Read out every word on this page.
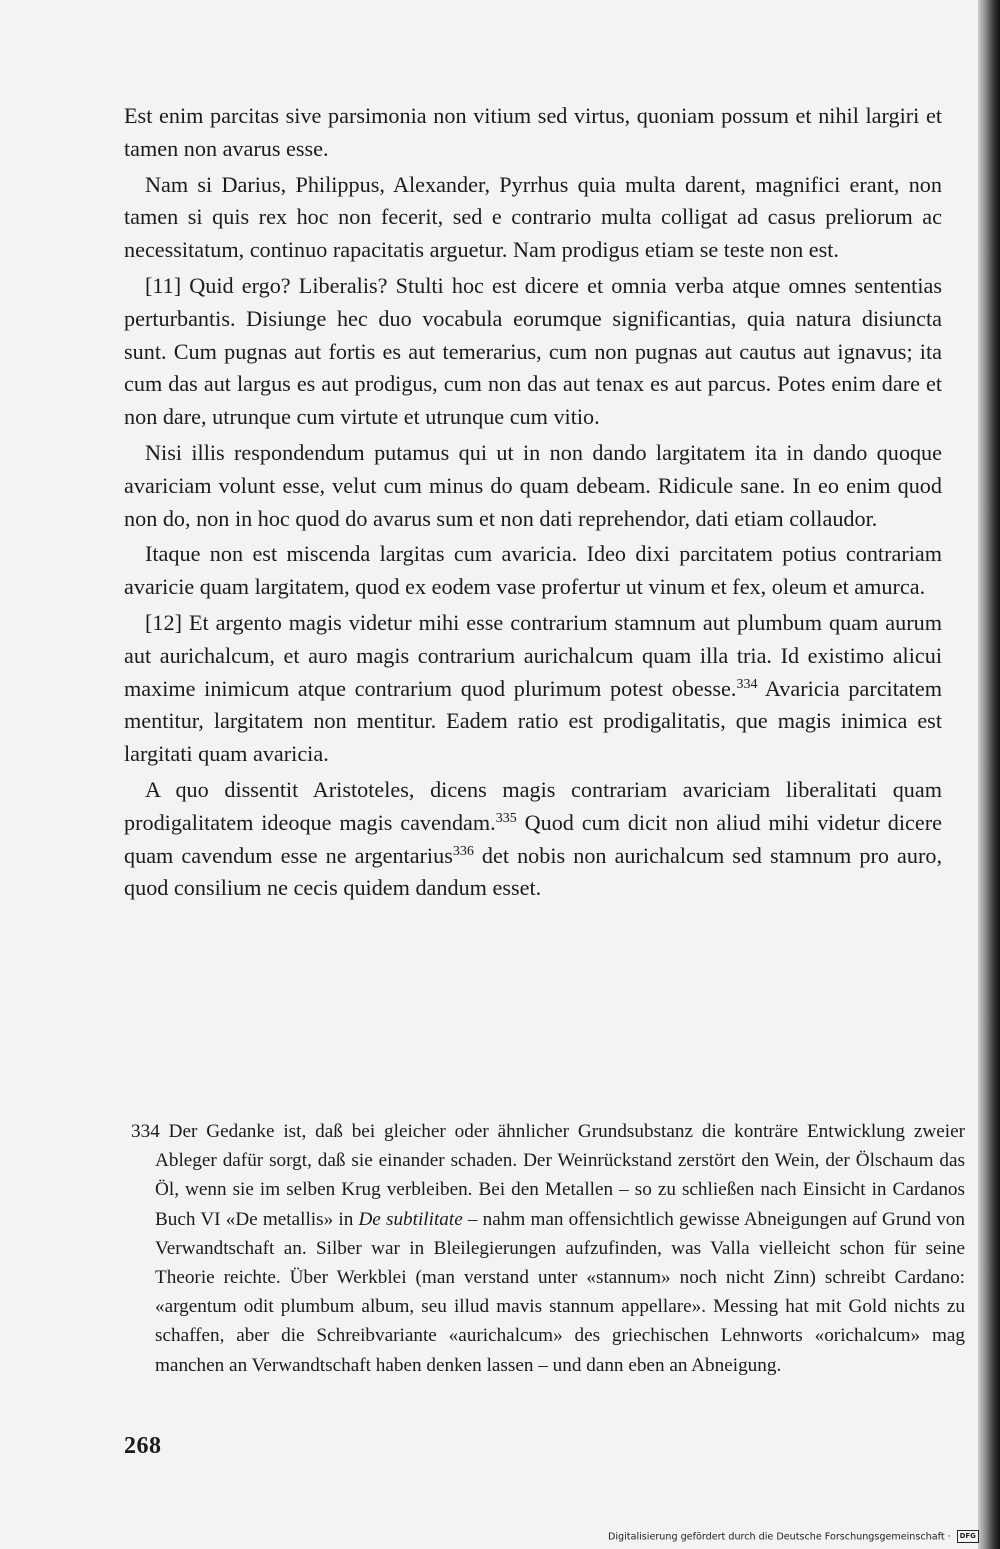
Est enim parcitas sive parsimonia non vitium sed virtus, quoniam possum et nihil largiri et tamen non avarus esse.

Nam si Darius, Philippus, Alexander, Pyrrhus quia multa darent, magnifici erant, non tamen si quis rex hoc non fecerit, sed e contrario multa colligat ad casus preliorum ac necessitatum, continuo rapacitatis arguetur. Nam prodigus etiam se teste non est.

[11] Quid ergo? Liberalis? Stulti hoc est dicere et omnia verba atque omnes sententias perturbantis. Disiunge hec duo vocabula eorumque significantias, quia natura disiuncta sunt. Cum pugnas aut fortis es aut temerarius, cum non pugnas aut cautus aut ignavus; ita cum das aut largus es aut prodigus, cum non das aut tenax es aut parcus. Potes enim dare et non dare, utrunque cum virtute et utrunque cum vitio.

Nisi illis respondendum putamus qui ut in non dando largitatem ita in dando quoque avariciam volunt esse, velut cum minus do quam debeam. Ridicule sane. In eo enim quod non do, non in hoc quod do avarus sum et non dati reprehendor, dati etiam collaudor.

Itaque non est miscenda largitas cum avaricia. Ideo dixi parcitatem potius contrariam avaricie quam largitatem, quod ex eodem vase profertur ut vinum et fex, oleum et amurca.

[12] Et argento magis videtur mihi esse contrarium stamnum aut plumbum quam aurum aut aurichalcum, et auro magis contrarium aurichalcum quam illa tria. Id existimo alicui maxime inimicum atque contrarium quod plurimum potest obesse.$^{334}$ Avaricia parcitatem mentitur, largitatem non mentitur. Eadem ratio est prodigalitatis, que magis inimica est largitati quam avaricia.

A quo dissentit Aristoteles, dicens magis contrariam avariciam liberalitati quam prodigalitatem ideoque magis cavendam.$^{335}$ Quod cum dicit non aliud mihi videtur dicere quam cavendum esse ne argentarius$^{336}$ det nobis non aurichalcum sed stamnum pro auro, quod consilium ne cecis quidem dandum esset.

334 Der Gedanke ist, daß bei gleicher oder ähnlicher Grundsubstanz die konträre Entwicklung zweier Ableger dafür sorgt, daß sie einander schaden. Der Weinrückstand zerstört den Wein, der Ölschaum das Öl, wenn sie im selben Krug verbleiben. Bei den Metallen – so zu schließen nach Einsicht in Cardanos Buch VI «De metallis» in De subtilitate – nahm man offensichtlich gewisse Abneigungen auf Grund von Verwandtschaft an. Silber war in Bleilegierungen aufzufinden, was Valla vielleicht schon für seine Theorie reichte. Über Werkblei (man verstand unter «stannum» noch nicht Zinn) schreibt Cardano: «argentum odit plumbum album, seu illud mavis stannum appellare». Messing hat mit Gold nichts zu schaffen, aber die Schreibvariante «aurichalcum» des griechischen Lehnworts «orichalcum» mag manchen an Verwandtschaft haben denken lassen – und dann eben an Abneigung.
268
Digitalisierung gefördert durch die Deutsche Forschungsgemeinschaft · DFG
